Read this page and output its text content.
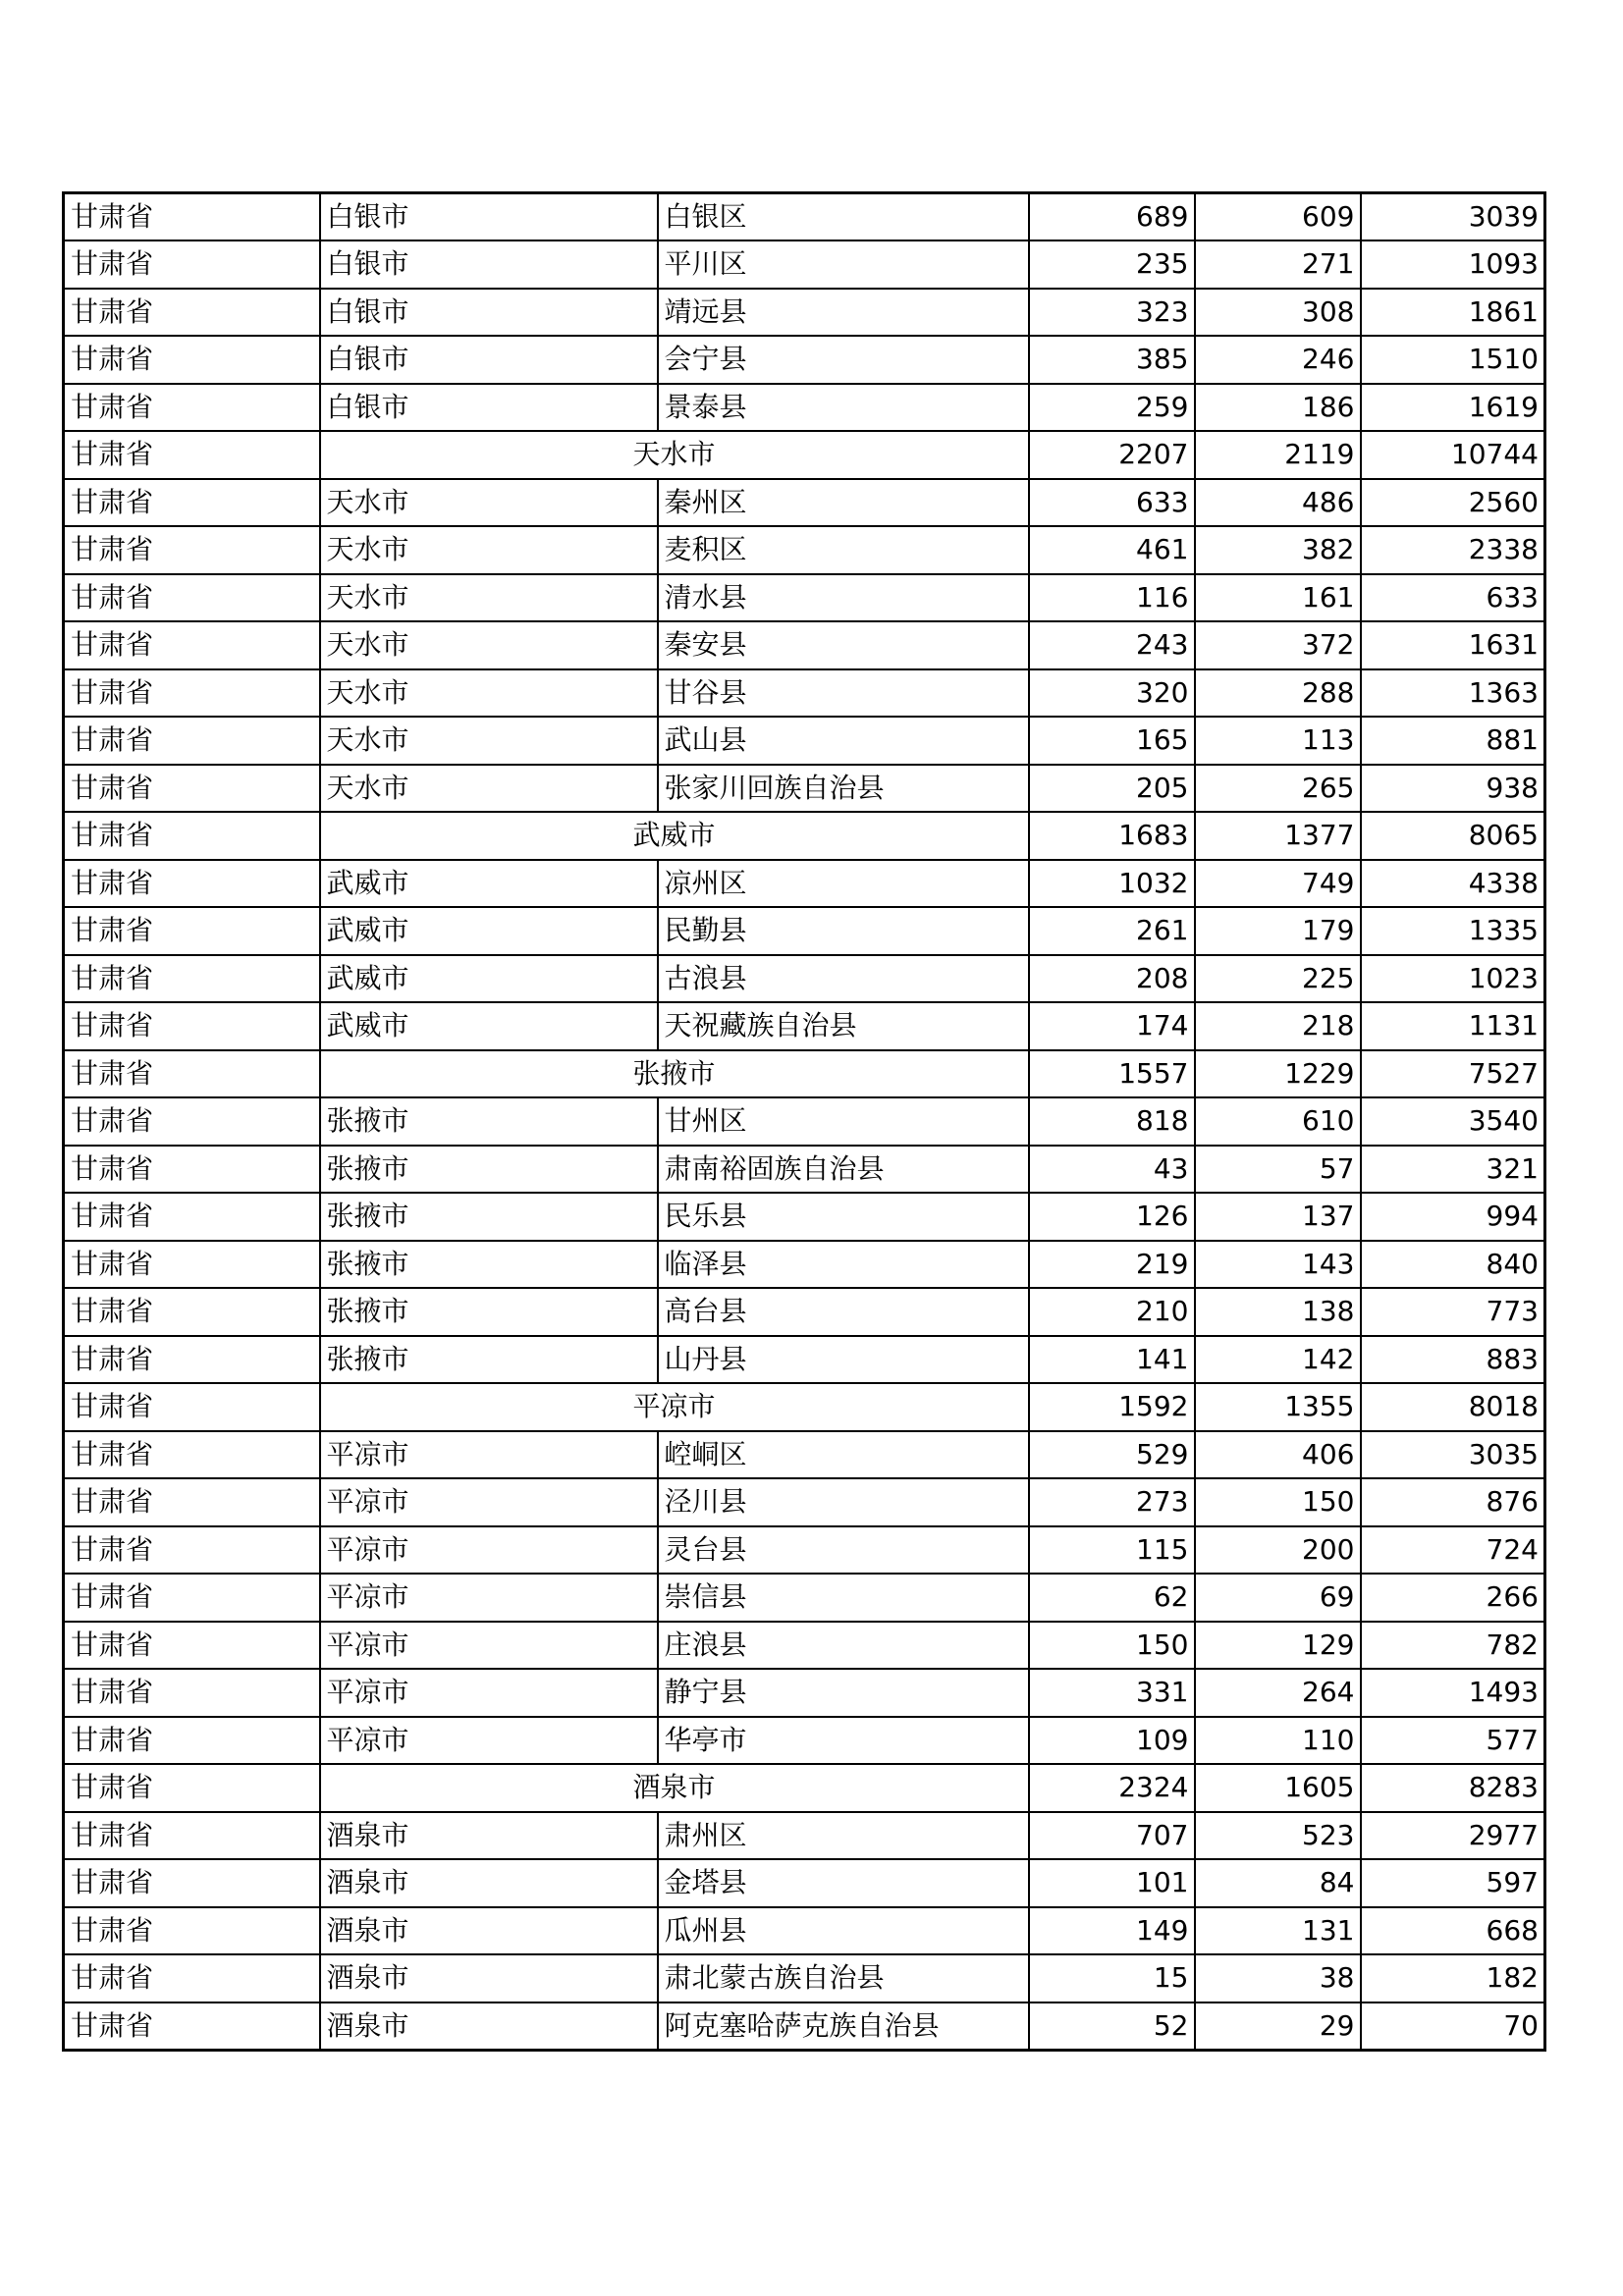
甘肃省	白银市	白银区	689	609	3039
甘肃省	白银市	平川区	235	271	1093
甘肃省	白银市	靖远县	323	308	1861
甘肃省	白银市	会宁县	385	246	1510
甘肃省	白银市	景泰县	259	186	1619
甘肃省	天水市		2207	2119	10744
甘肃省	天水市	秦州区	633	486	2560
甘肃省	天水市	麦积区	461	382	2338
甘肃省	天水市	清水县	116	161	633
甘肃省	天水市	秦安县	243	372	1631
甘肃省	天水市	甘谷县	320	288	1363
甘肃省	天水市	武山县	165	113	881
甘肃省	天水市	张家川回族自治县	205	265	938
甘肃省	武威市		1683	1377	8065
甘肃省	武威市	凉州区	1032	749	4338
甘肃省	武威市	民勤县	261	179	1335
甘肃省	武威市	古浪县	208	225	1023
甘肃省	武威市	天祝藏族自治县	174	218	1131
甘肃省	张掖市		1557	1229	7527
甘肃省	张掖市	甘州区	818	610	3540
甘肃省	张掖市	肃南裕固族自治县	43	57	321
甘肃省	张掖市	民乐县	126	137	994
甘肃省	张掖市	临泽县	219	143	840
甘肃省	张掖市	高台县	210	138	773
甘肃省	张掖市	山丹县	141	142	883
甘肃省	平凉市		1592	1355	8018
甘肃省	平凉市	崆峒区	529	406	3035
甘肃省	平凉市	泾川县	273	150	876
甘肃省	平凉市	灵台县	115	200	724
甘肃省	平凉市	崇信县	62	69	266
甘肃省	平凉市	庄浪县	150	129	782
甘肃省	平凉市	静宁县	331	264	1493
甘肃省	平凉市	华亭市	109	110	577
甘肃省	酒泉市		2324	1605	8283
甘肃省	酒泉市	肃州区	707	523	2977
甘肃省	酒泉市	金塔县	101	84	597
甘肃省	酒泉市	瓜州县	149	131	668
甘肃省	酒泉市	肃北蒙古族自治县	15	38	182
甘肃省	酒泉市	阿克塞哈萨克族自治县	52	29	70
